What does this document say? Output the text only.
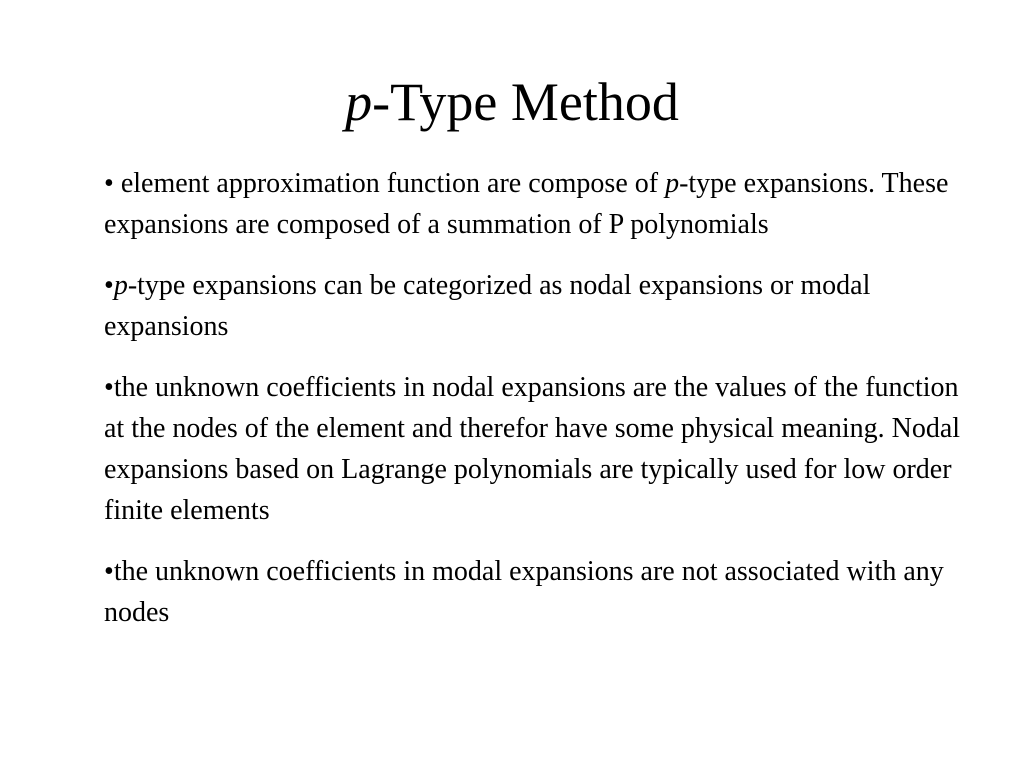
p-Type Method

• element approximation function are compose of p-type expansions. These expansions are composed of a summation of P polynomials

•p-type expansions can be categorized as nodal expansions or modal expansions

•the unknown coefficients in nodal expansions are the values of the function at the nodes of the element and therefor have some physical meaning. Nodal expansions based on Lagrange polynomials are typically used for low order finite elements

•the unknown coefficients in modal expansions are not associated with any nodes
